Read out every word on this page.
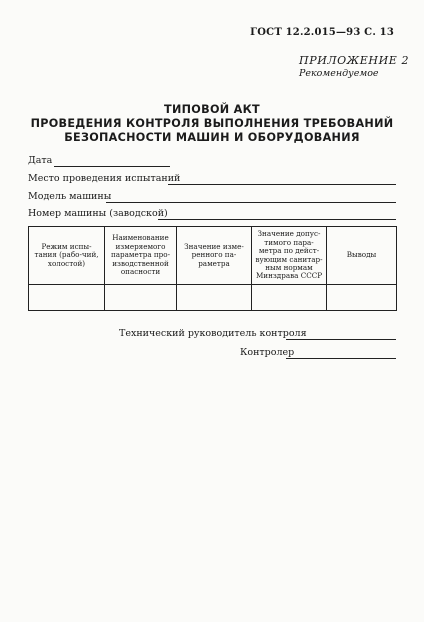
ГОСТ 12.2.015—93 С. 13
ПРИЛОЖЕНИЕ 2
Рекомендуемое
ТИПОВОЙ АКТ
ПРОВЕДЕНИЯ КОНТРОЛЯ ВЫПОЛНЕНИЯ ТРЕБОВАНИЙ
БЕЗОПАСНОСТИ МАШИН И ОБОРУДОВАНИЯ
Дата
Место проведения испытаний
Модель машины
Номер машины (заводской)
Режим испы-тания (рабо-чий, холостой)	Наименование измеряемого параметра про-изводственной опасности	Значение изме-ренного па-раметра	Значение допус-тимого пара-метра по дейст-вующим санитар-ным нормам Минздрава СССР	Выводы

Технический руководитель контроля
Контролер
